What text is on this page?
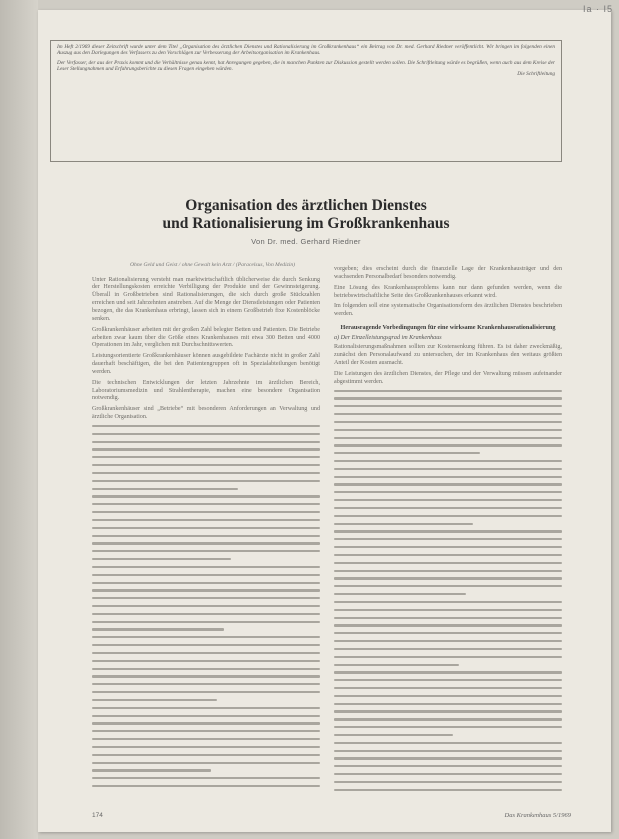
Ia · I5

Im Heft 2/1969 dieser Zeitschrift wurde unter dem Titel „Organisation des ärztlichen Dienstes und Rationalisierung im Großkrankenhaus“ ein Beitrag von Dr. med. Gerhard Riedner veröffentlicht. Wir bringen im folgenden einen Auszug aus den Darlegungen des Verfassers zu den Vorschlägen zur Verbesserung der Arbeitsorganisation im Krankenhaus.

Der Verfasser, der aus der Praxis kommt und die Verhältnisse genau kennt, hat Anregungen gegeben, die in manchen Punkten zur Diskussion gestellt werden sollen. Die Schriftleitung würde es begrüßen, wenn auch aus dem Kreise der Leser Stellungnahmen und Erfahrungsberichte zu diesen Fragen eingehen würden.

Die Schriftleitung

Organisation des ärztlichen Dienstes
und Rationalisierung im Großkrankenhaus
Von Dr. med. Gerhard Riedner
Ohne Geld und Geist / ohne Gewalt kein Arzt / (Paracelsus, Von Medizin)

Unter Rationalisierung versteht man marktwirtschaftlich üblicherweise die durch Senkung der Herstellungskosten erreichte Verbilligung der Produkte und der Gewinnsteigerung. Überall in Großbetrieben sind Rationalisierungen, die sich durch große Stückzahlen erreichen und seit Jahrzehnten anstreben. Auf die Menge der Dienstleistungen oder Patienten bezogen, die das Krankenhaus erbringt, lassen sich in einem Großbetrieb fixe Kostenblöcke senken.

Großkrankenhäuser arbeiten mit der großen Zahl belegter Betten und Patienten. Die Betriebe arbeiten zwar kaum über die Größe eines Krankenhauses mit etwa 300 Betten und 4000 Operationen im Jahr, verglichen mit Durchschnittswerten.

Leistungsorientierte Großkrankenhäuser können ausgebildete Fachärzte nicht in großer Zahl dauerhaft beschäftigen, die bei den Patientengruppen oft in Spezialabteilungen benötigt werden.

Die technischen Entwicklungen der letzten Jahrzehnte im ärztlichen Bereich, Laboratoriumsmedizin und Strahlentherapie, machen eine besondere Organisation notwendig.

Großkrankenhäuser sind „Betriebe“ mit besonderen Anforderungen an Verwaltung und ärztliche Organisation.

vorgeben; dies erscheint durch die finanzielle Lage der Krankenhausträger und den wachsenden Personalbedarf besonders notwendig.

Eine Lösung des Krankenhausproblems kann nur dann gefunden werden, wenn die betriebswirtschaftliche Seite des Großkrankenhauses erkannt wird.

Im folgenden soll eine systematische Organisationsform des ärztlichen Dienstes beschrieben werden.

Herausragende Vorbedingungen für eine wirksame Krankenhausrationalisierung
a) Der Einzelleistungsgrad im Krankenhaus

Rationalisierungsmaßnahmen sollten zur Kostensenkung führen. Es ist daher zweckmäßig, zunächst den Personalaufwand zu untersuchen, der im Krankenhaus den weitaus größten Anteil der Kosten ausmacht.

Die Leistungen des ärztlichen Dienstes, der Pflege und der Verwaltung müssen aufeinander abgestimmt werden.

174	Das Krankenhaus 5/1969
